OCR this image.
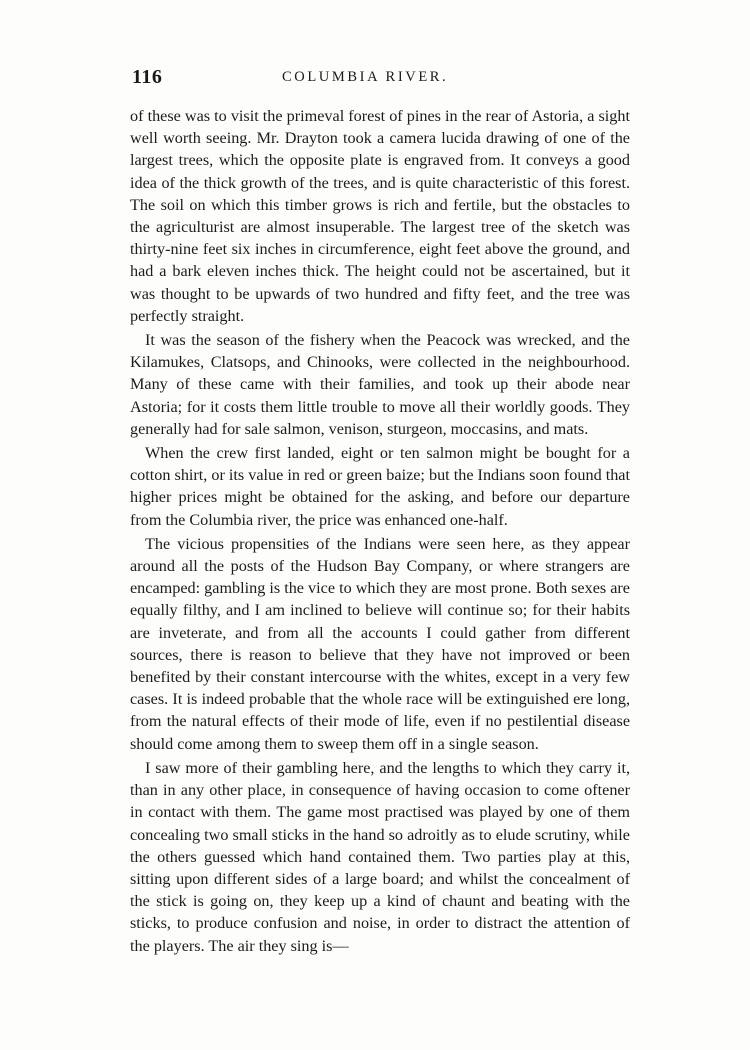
116	COLUMBIA RIVER.

of these was to visit the primeval forest of pines in the rear of Astoria, a sight well worth seeing. Mr. Drayton took a camera lucida drawing of one of the largest trees, which the opposite plate is engraved from. It conveys a good idea of the thick growth of the trees, and is quite characteristic of this forest. The soil on which this timber grows is rich and fertile, but the obstacles to the agriculturist are almost insuperable. The largest tree of the sketch was thirty-nine feet six inches in circumference, eight feet above the ground, and had a bark eleven inches thick. The height could not be ascertained, but it was thought to be upwards of two hundred and fifty feet, and the tree was perfectly straight.

It was the season of the fishery when the Peacock was wrecked, and the Kilamukes, Clatsops, and Chinooks, were collected in the neighbourhood. Many of these came with their families, and took up their abode near Astoria; for it costs them little trouble to move all their worldly goods. They generally had for sale salmon, venison, sturgeon, moccasins, and mats.

When the crew first landed, eight or ten salmon might be bought for a cotton shirt, or its value in red or green baize; but the Indians soon found that higher prices might be obtained for the asking, and before our departure from the Columbia river, the price was enhanced one-half.

The vicious propensities of the Indians were seen here, as they appear around all the posts of the Hudson Bay Company, or where strangers are encamped: gambling is the vice to which they are most prone. Both sexes are equally filthy, and I am inclined to believe will continue so; for their habits are inveterate, and from all the accounts I could gather from different sources, there is reason to believe that they have not improved or been benefited by their constant intercourse with the whites, except in a very few cases. It is indeed probable that the whole race will be extinguished ere long, from the natural effects of their mode of life, even if no pestilential disease should come among them to sweep them off in a single season.

I saw more of their gambling here, and the lengths to which they carry it, than in any other place, in consequence of having occasion to come oftener in contact with them. The game most practised was played by one of them concealing two small sticks in the hand so adroitly as to elude scrutiny, while the others guessed which hand contained them. Two parties play at this, sitting upon different sides of a large board; and whilst the concealment of the stick is going on, they keep up a kind of chaunt and beating with the sticks, to produce confusion and noise, in order to distract the attention of the players. The air they sing is—
